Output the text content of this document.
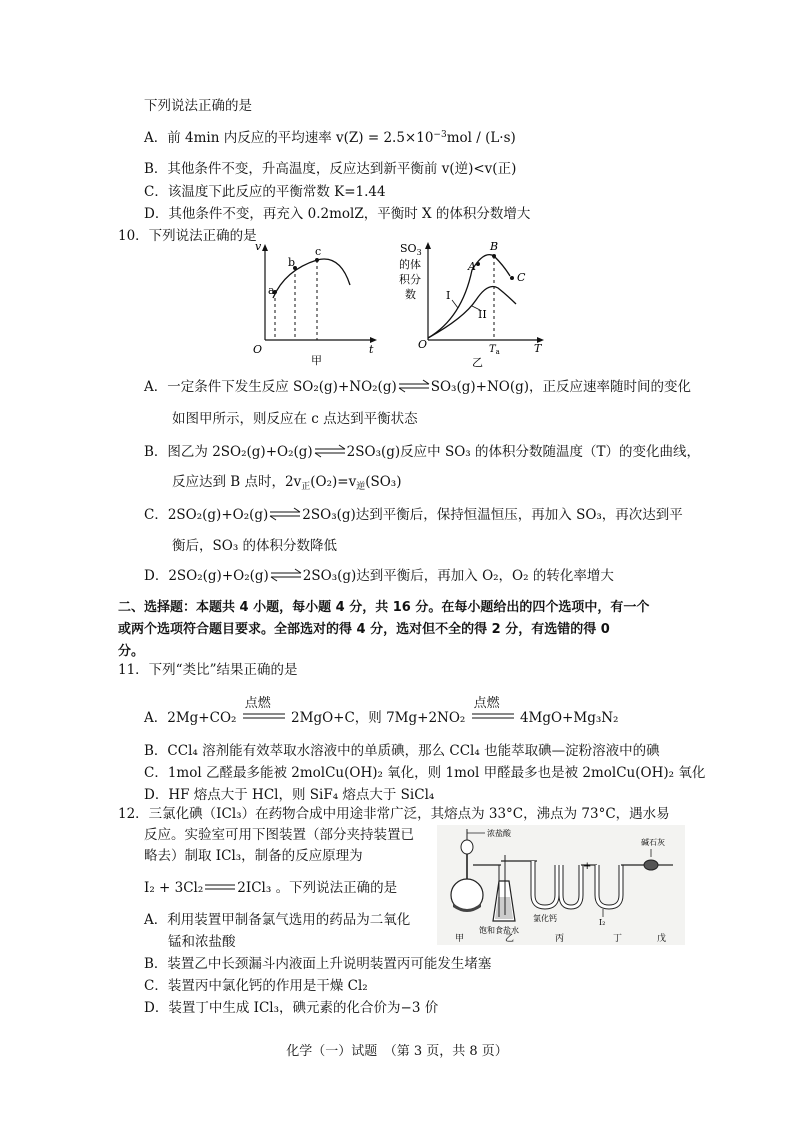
下列说法正确的是
A．前 4min 内反应的平均速率 $v(Z) = 2.5\times 10^{-3}mol / (L\cdot s)$
B．其他条件不变，升高温度，反应达到新平衡前 v(逆)<v(正)
C．该温度下此反应的平衡常数 K=1.44
D．其他条件不变，再充入 0.2molZ，平衡时 X 的体积分数增大
10．下列说法正确的是
v
t
O
a
b
c
甲
$SO_3$
的体
积分
数
A
B
C
I
II
O	T
$T_a$
乙
A．一定条件下发生反应 SO₂(g)+NO₂(g)⇌SO₃(g)+NO(g)，正反应速率随时间的变化
如图甲所示，则反应在 c 点达到平衡状态
B．图乙为 2SO₂(g)+O₂(g)⇌2SO₃(g)反应中 SO₃ 的体积分数随温度（T）的变化曲线，
反应达到 B 点时，$2v_正(O_2)=v_逆(SO_3)$
C．2SO₂(g)+O₂(g)⇌2SO₃(g)达到平衡后，保持恒温恒压，再加入 SO₃，再次达到平
衡后，SO₃ 的体积分数降低
D．2SO₂(g)+O₂(g)⇌2SO₃(g)达到平衡后，再加入 O₂，O₂ 的转化率增大
二、选择题：本题共 4 小题，每小题 4 分，共 16 分。在每小题给出的四个选项中，有一个
或两个选项符合题目要求。全部选对的得 4 分，选对但不全的得 2 分，有选错的得 0
分。
11．下列“类比”结果正确的是
A．2Mg+CO₂
点燃
2MgO+C，则 7Mg+2NO₂
点燃
4MgO+Mg₃N₂
B．CCl₄ 溶剂能有效萃取水溶液中的单质碘，那么 CCl₄ 也能萃取碘—淀粉溶液中的碘
C．1mol 乙醛最多能被 2molCu(OH)₂ 氧化，则 1mol 甲醛最多也是被 2molCu(OH)₂ 氧化
D．HF 熔点大于 HCl，则 SiF₄ 熔点大于 SiCl₄
12．三氯化碘（ICl₃）在药物合成中用途非常广泛，其熔点为 33°C，沸点为 73°C，遇水易
反应。实验室可用下图装置（部分夹持装置已
略去）制取 ICl₃，制备的反应原理为
I₂ + 3Cl₂	2ICl₃ 。下列说法正确的是
A．利用装置甲制备氯气选用的药品为二氧化
锰和浓盐酸
B．装置乙中长颈漏斗内液面上升说明装置丙可能发生堵塞
C．装置丙中氯化钙的作用是干燥 Cl₂
D．装置丁中生成 ICl₃，碘元素的化合价为−3 价
浓盐酸
饱和食盐水
氯化钙
+
I₂
碱石灰
甲	乙	丙	丁	戊
化学（一）试题　（第 3 页，共 8 页）
